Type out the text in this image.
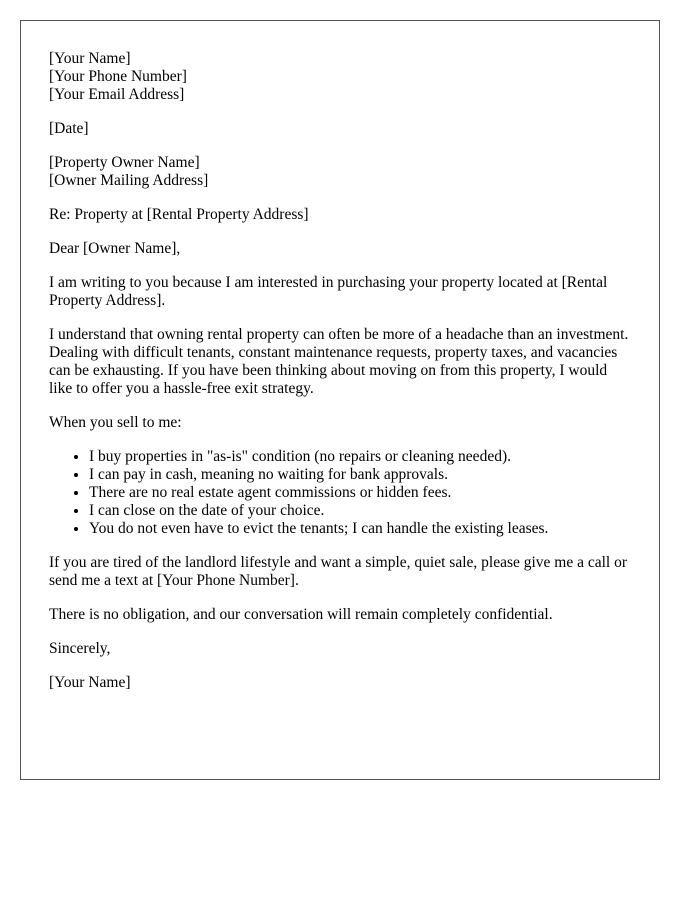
[Your Name]
[Your Phone Number]
[Your Email Address]
[Date]
[Property Owner Name]
[Owner Mailing Address]

Re: Property at [Rental Property Address]

Dear [Owner Name],

I am writing to you because I am interested in purchasing your property located at [Rental Property Address].

I understand that owning rental property can often be more of a headache than an investment. Dealing with difficult tenants, constant maintenance requests, property taxes, and vacancies can be exhausting. If you have been thinking about moving on from this property, I would like to offer you a hassle-free exit strategy.

When you sell to me:

• I buy properties in "as-is" condition (no repairs or cleaning needed).
• I can pay in cash, meaning no waiting for bank approvals.
• There are no real estate agent commissions or hidden fees.
• I can close on the date of your choice.
• You do not even have to evict the tenants; I can handle the existing leases.

If you are tired of the landlord lifestyle and want a simple, quiet sale, please give me a call or send me a text at [Your Phone Number].

There is no obligation, and our conversation will remain completely confidential.

Sincerely,

[Your Name]
